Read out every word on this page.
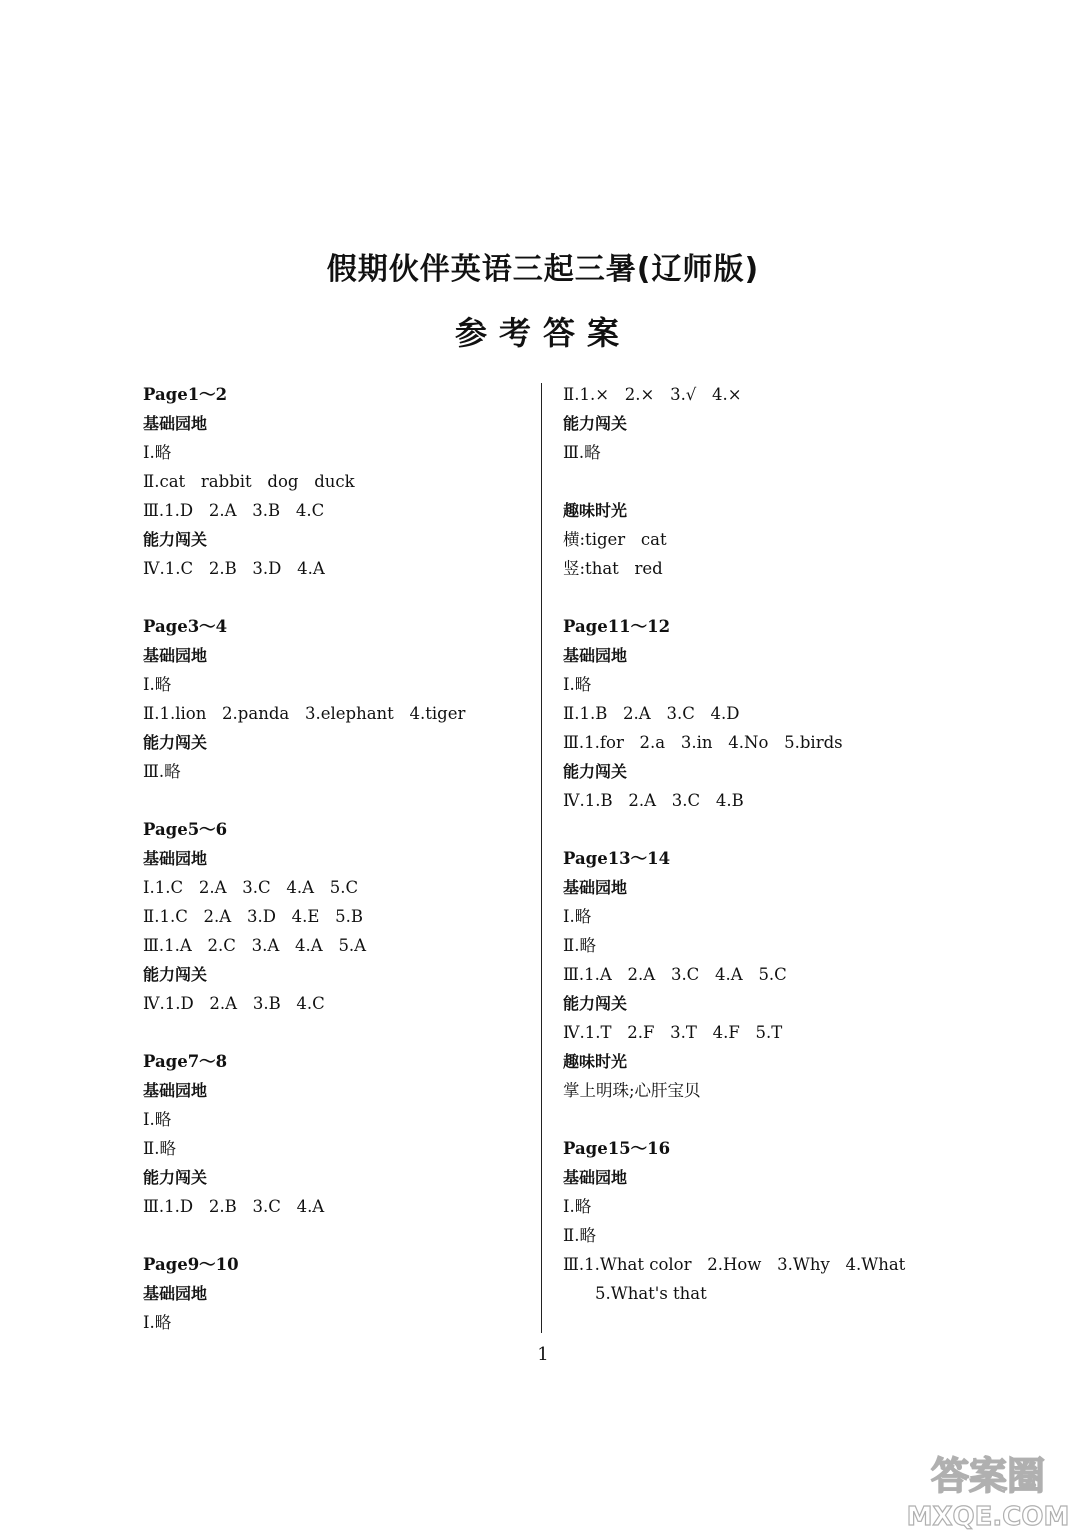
假期伙伴英语三起三暑(辽师版)
参考答案
Page1～2
基础园地
Ⅰ.略
Ⅱ.cat   rabbit   dog   duck
Ⅲ.1.D   2.A   3.B   4.C
能力闯关
Ⅳ.1.C   2.B   3.D   4.A
Page3～4
基础园地
Ⅰ.略
Ⅱ.1.lion   2.panda   3.elephant   4.tiger
能力闯关
Ⅲ.略
Page5～6
基础园地
Ⅰ.1.C   2.A   3.C   4.A   5.C
Ⅱ.1.C   2.A   3.D   4.E   5.B
Ⅲ.1.A   2.C   3.A   4.A   5.A
能力闯关
Ⅳ.1.D   2.A   3.B   4.C
Page7～8
基础园地
Ⅰ.略
Ⅱ.略
能力闯关
Ⅲ.1.D   2.B   3.C   4.A
Page9～10
基础园地
Ⅰ.略
Ⅱ.1.×   2.×   3.√   4.×
能力闯关
Ⅲ.略
趣味时光
横:tiger   cat
竖:that   red
Page11～12
基础园地
Ⅰ.略
Ⅱ.1.B   2.A   3.C   4.D
Ⅲ.1.for   2.a   3.in   4.No   5.birds
能力闯关
Ⅳ.1.B   2.A   3.C   4.B
Page13～14
基础园地
Ⅰ.略
Ⅱ.略
Ⅲ.1.A   2.A   3.C   4.A   5.C
能力闯关
Ⅳ.1.T   2.F   3.T   4.F   5.T
趣味时光
掌上明珠;心肝宝贝
Page15～16
基础园地
Ⅰ.略
Ⅱ.略
Ⅲ.1.What color   2.How   3.Why   4.What
5.What's that
1
答案圈
MXQE.COM
